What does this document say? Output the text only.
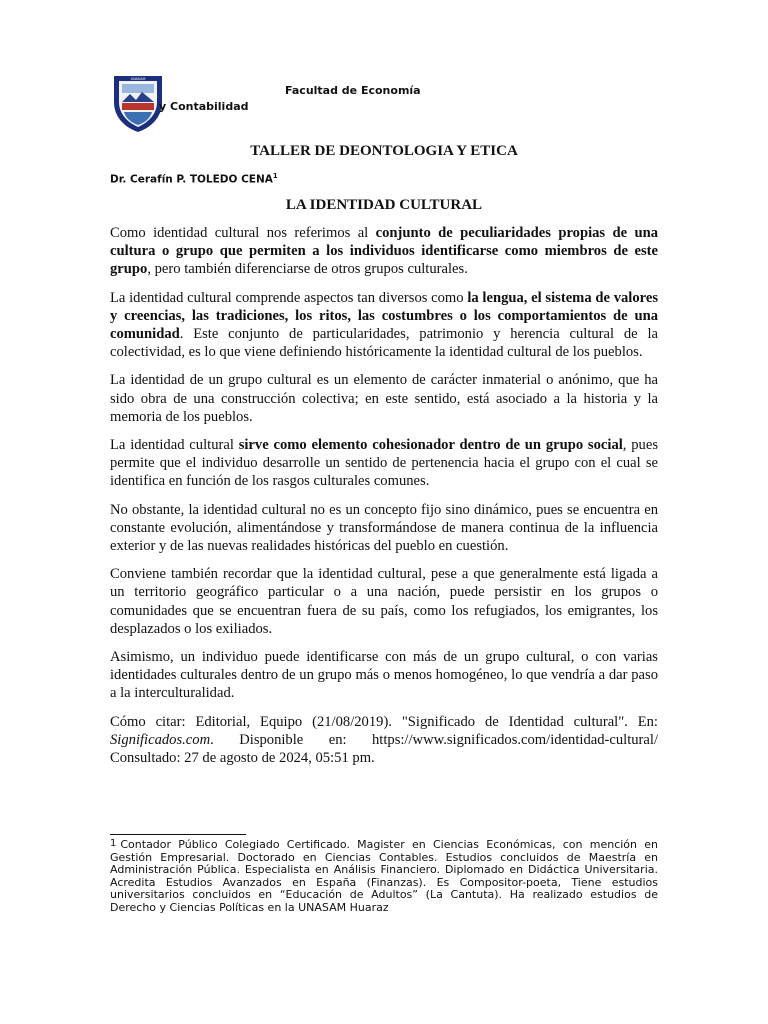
UNASAM
Facultad de Economía
y Contabilidad
TALLER DE DEONTOLOGIA Y ETICA
Dr. Cerafín P. TOLEDO CENA$^1$
LA IDENTIDAD CULTURAL

Como identidad cultural nos referimos al conjunto de peculiaridades propias de una cultura o grupo que permiten a los individuos identificarse como miembros de este grupo, pero también diferenciarse de otros grupos culturales.

La identidad cultural comprende aspectos tan diversos como la lengua, el sistema de valores y creencias, las tradiciones, los ritos, las costumbres o los comportamientos de una comunidad. Este conjunto de particularidades, patrimonio y herencia cultural de la colectividad, es lo que viene definiendo históricamente la identidad cultural de los pueblos.

La identidad de un grupo cultural es un elemento de carácter inmaterial o anónimo, que ha sido obra de una construcción colectiva; en este sentido, está asociado a la historia y la memoria de los pueblos.

La identidad cultural sirve como elemento cohesionador dentro de un grupo social, pues permite que el individuo desarrolle un sentido de pertenencia hacia el grupo con el cual se identifica en función de los rasgos culturales comunes.

No obstante, la identidad cultural no es un concepto fijo sino dinámico, pues se encuentra en constante evolución, alimentándose y transformándose de manera continua de la influencia exterior y de las nuevas realidades históricas del pueblo en cuestión.

Conviene también recordar que la identidad cultural, pese a que generalmente está ligada a un territorio geográfico particular o a una nación, puede persistir en los grupos o comunidades que se encuentran fuera de su país, como los refugiados, los emigrantes, los desplazados o los exiliados.

Asimismo, un individuo puede identificarse con más de un grupo cultural, o con varias identidades culturales dentro de un grupo más o menos homogéneo, lo que vendría a dar paso a la interculturalidad.

Cómo citar: Editorial, Equipo (21/08/2019). "Significado de Identidad cultural". En: Significados.com. Disponible en: https://www.significados.com/identidad-cultural/ Consultado: 27 de agosto de 2024, 05:51 pm.

$^1$ Contador Público Colegiado Certificado. Magister en Ciencias Económicas, con mención en Gestión Empresarial. Doctorado en Ciencias Contables. Estudios concluidos de Maestría en Administración Pública. Especialista en Análisis Financiero. Diplomado en Didáctica Universitaria. Acredita Estudios Avanzados en España (Finanzas). Es Compositor-poeta, Tiene estudios universitarios concluidos en “Educación de Adultos” (La Cantuta). Ha realizado estudios de Derecho y Ciencias Políticas en la UNASAM Huaraz
